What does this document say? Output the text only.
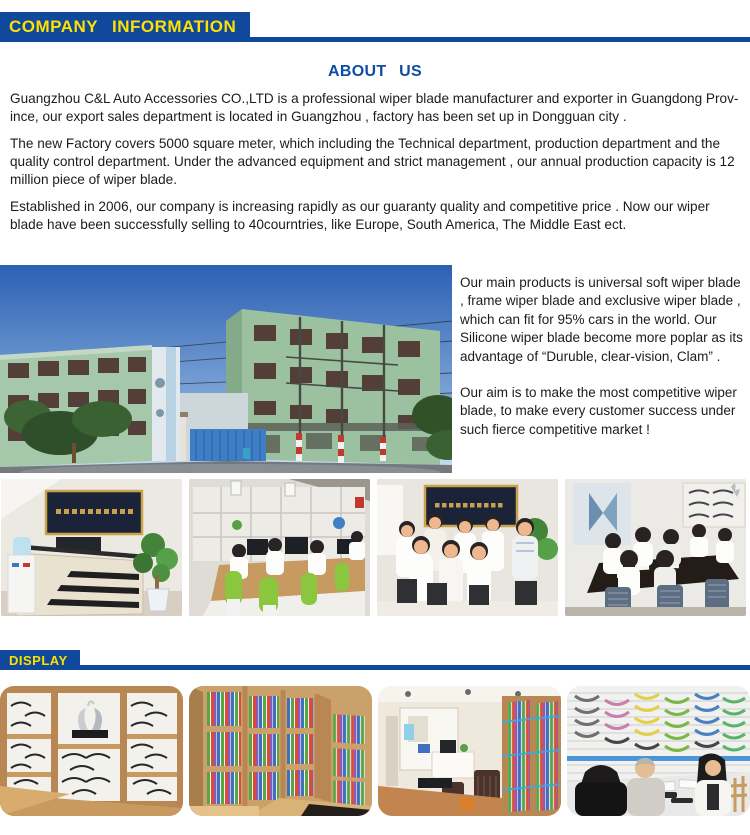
COMPANY INFORMATION
ABOUT US
Guangzhou C&L Auto Accessories CO.,LTD is a professional wiper blade manufacturer and exporter in Guangdong Prov-ince, our export sales department is located in Guangzhou , factory has been set up in Dongguan city .
The new Factory covers 5000 square meter, which including the Technical department, production department and the quality control department. Under the advanced equipment and strict management , our annual production capacity is 12 million piece of wiper blade.
Established in 2006, our company is increasing rapidly as our guaranty quality and competitive price . Now our wiper blade have been successfully selling to 40courntries, like Europe, South America, The Middle East ect.
Our main products is universal soft wiper blade , frame wiper blade and exclusive wiper blade , which can fit for 95% cars in the world. Our Silicone wiper blade become more poplar as its advantage of “Duruble, clear-vision, Clam” .
Our aim is to make the most competitive wiper blade, to make every customer success under such fierce competitive market !
DISPLAY
